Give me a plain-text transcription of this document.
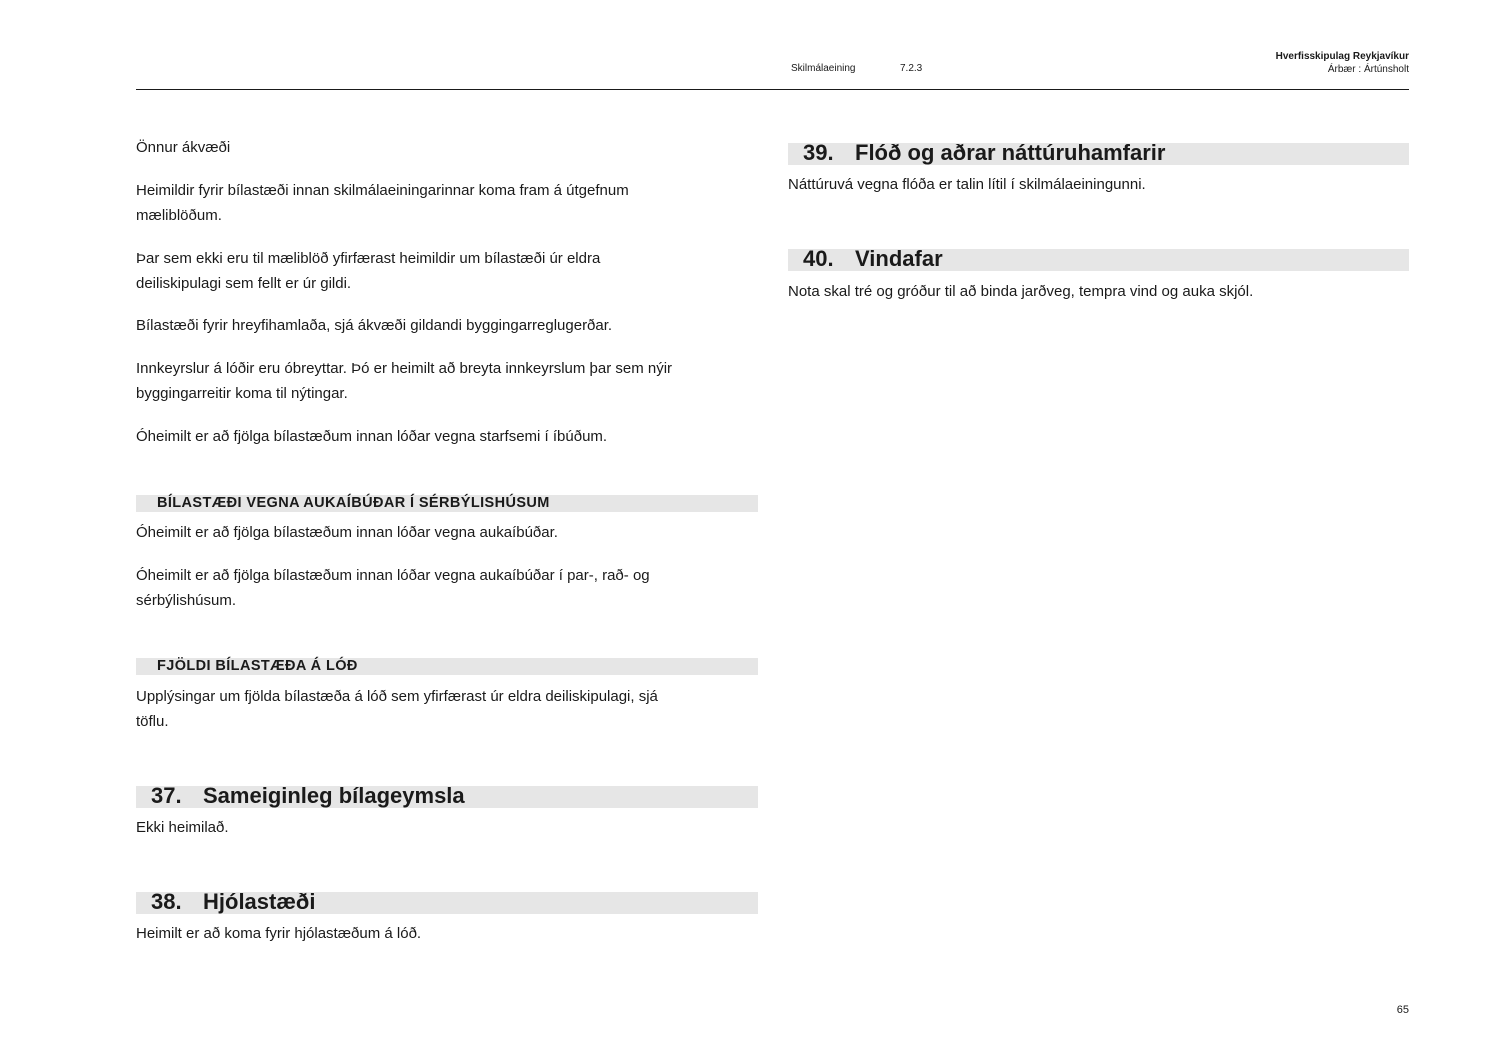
Skilmálaeining	7.2.3
Hverfisskipulag Reykjavíkur
Árbær : Ártúnsholt
Önnur ákvæði
Heimildir fyrir bílastæði innan skilmálaeiningarinnar koma fram á útgefnum
mæliblöðum.
Þar sem ekki eru til mæliblöð yfirfærast heimildir um bílastæði úr eldra
deiliskipulagi sem fellt er úr gildi.
Bílastæði fyrir hreyfihamlaða, sjá ákvæði gildandi byggingarreglugerðar.
Innkeyrslur á lóðir eru óbreyttar. Þó er heimilt að breyta innkeyrslum þar sem nýir
byggingarreitir koma til nýtingar.
Óheimilt er að fjölga bílastæðum innan lóðar vegna starfsemi í íbúðum.
BÍLASTÆÐI VEGNA AUKAÍBÚÐAR Í SÉRBÝLISHÚSUM
Óheimilt er að fjölga bílastæðum innan lóðar vegna aukaíbúðar.
Óheimilt er að fjölga bílastæðum innan lóðar vegna aukaíbúðar í par-, rað- og
sérbýlishúsum.
FJÖLDI BÍLASTÆÐA Á LÓÐ
Upplýsingar um fjölda bílastæða á lóð sem yfirfærast úr eldra deiliskipulagi, sjá
töflu.
37. Sameiginleg bílageymsla
Ekki heimilað.
38. Hjólastæði
Heimilt er að koma fyrir hjólastæðum á lóð.
39. Flóð og aðrar náttúruhamfarir
Náttúruvá vegna flóða er talin lítil í skilmálaeiningunni.
40. Vindafar
Nota skal tré og gróður til að binda jarðveg, tempra vind og auka skjól.
65
